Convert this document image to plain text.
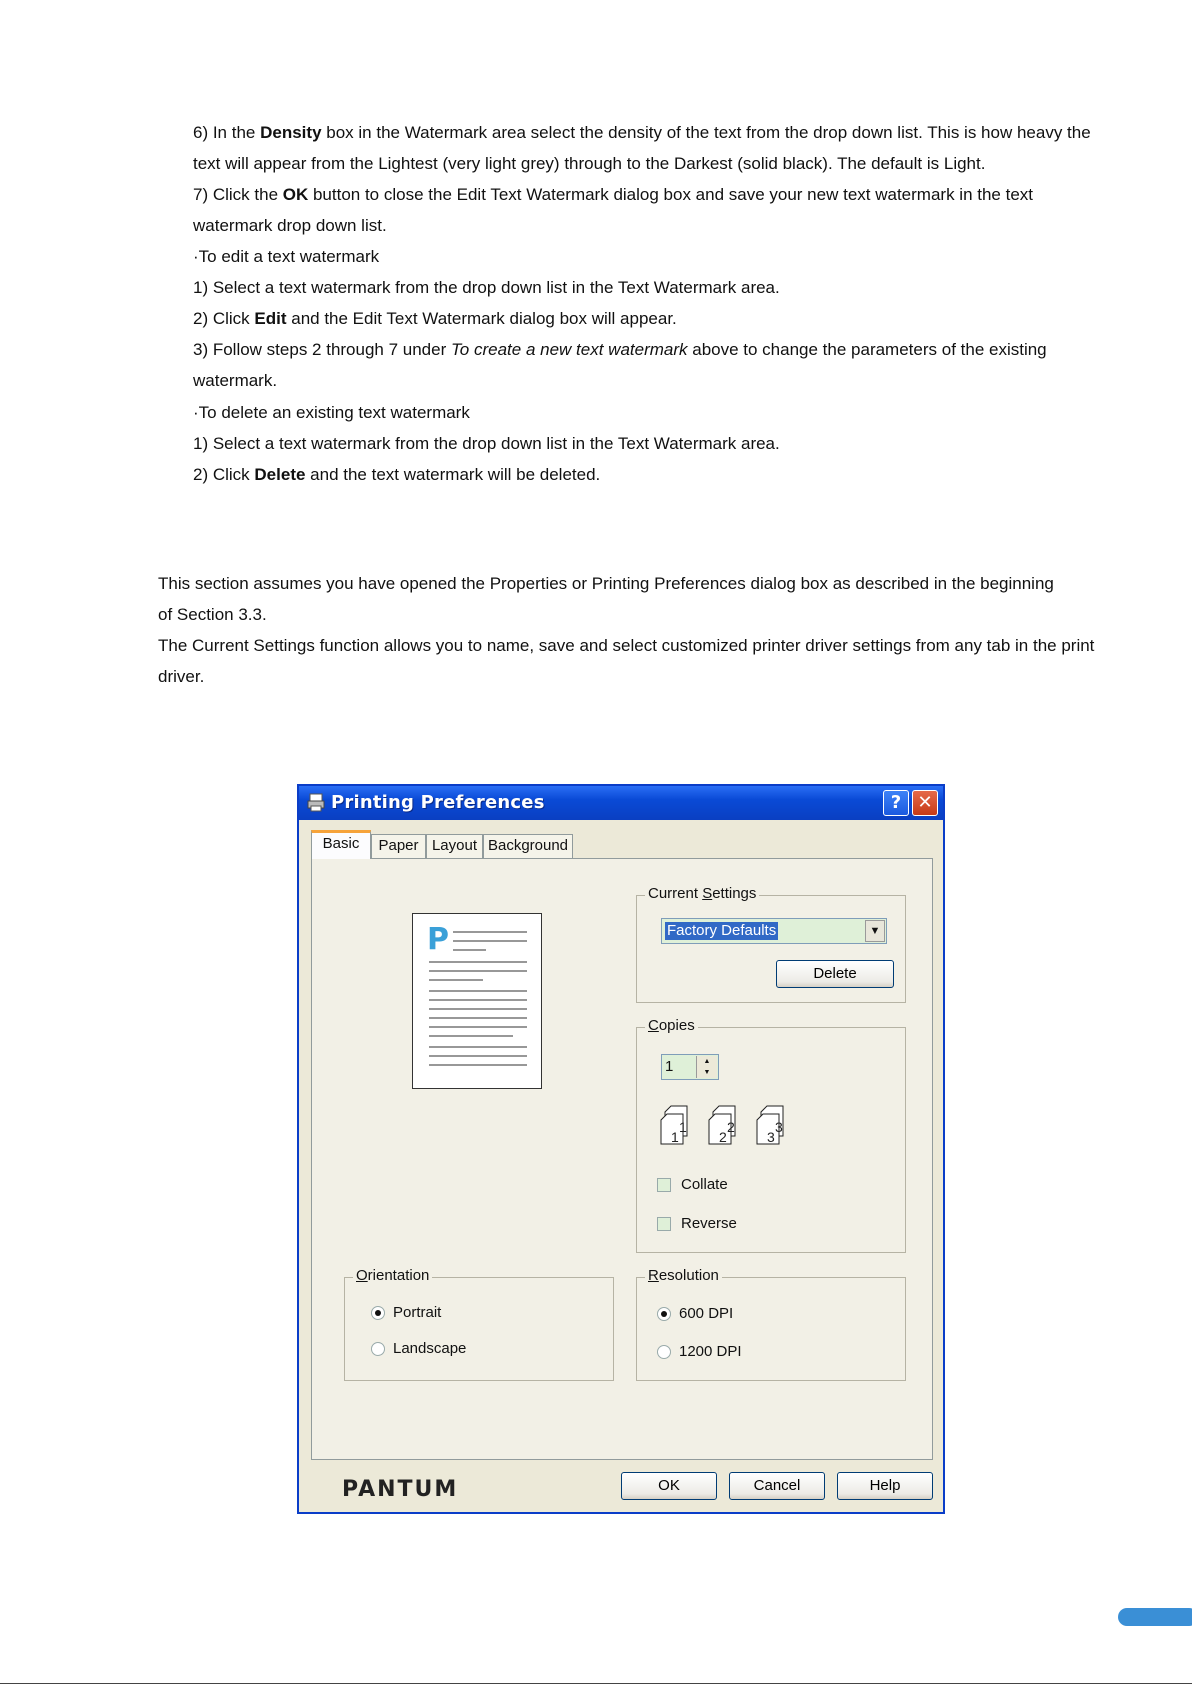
6) In the Density box in the Watermark area select the density of the text from the drop down list. This is how heavy the
text will appear from the Lightest (very light grey) through to the Darkest (solid black). The default is Light.
7) Click the OK button to close the Edit Text Watermark dialog box and save your new text watermark in the text
watermark drop down list.
·To edit a text watermark
1) Select a text watermark from the drop down list in the Text Watermark area.
2) Click Edit and the Edit Text Watermark dialog box will appear.
3) Follow steps 2 through 7 under To create a new text watermark above to change the parameters of the existing
watermark.
·To delete an existing text watermark
1) Select a text watermark from the drop down list in the Text Watermark area.
2) Click Delete and the text watermark will be deleted.
This section assumes you have opened the Properties or Printing Preferences dialog box as described in the beginning
of Section 3.3.
The Current Settings function allows you to name, save and select customized printer driver settings from any tab in the print
driver.
Printing Preferences	? ✕
Basic	Paper Layout Background
P
Current Settings
Factory Defaults	▼
Delete
Copies
1	▲
▼
1
1
2
2
3
3
Collate
Reverse
Orientation
Portrait
Landscape
Resolution
600 DPI
1200 DPI
PANTUM	OK	Cancel	Help
